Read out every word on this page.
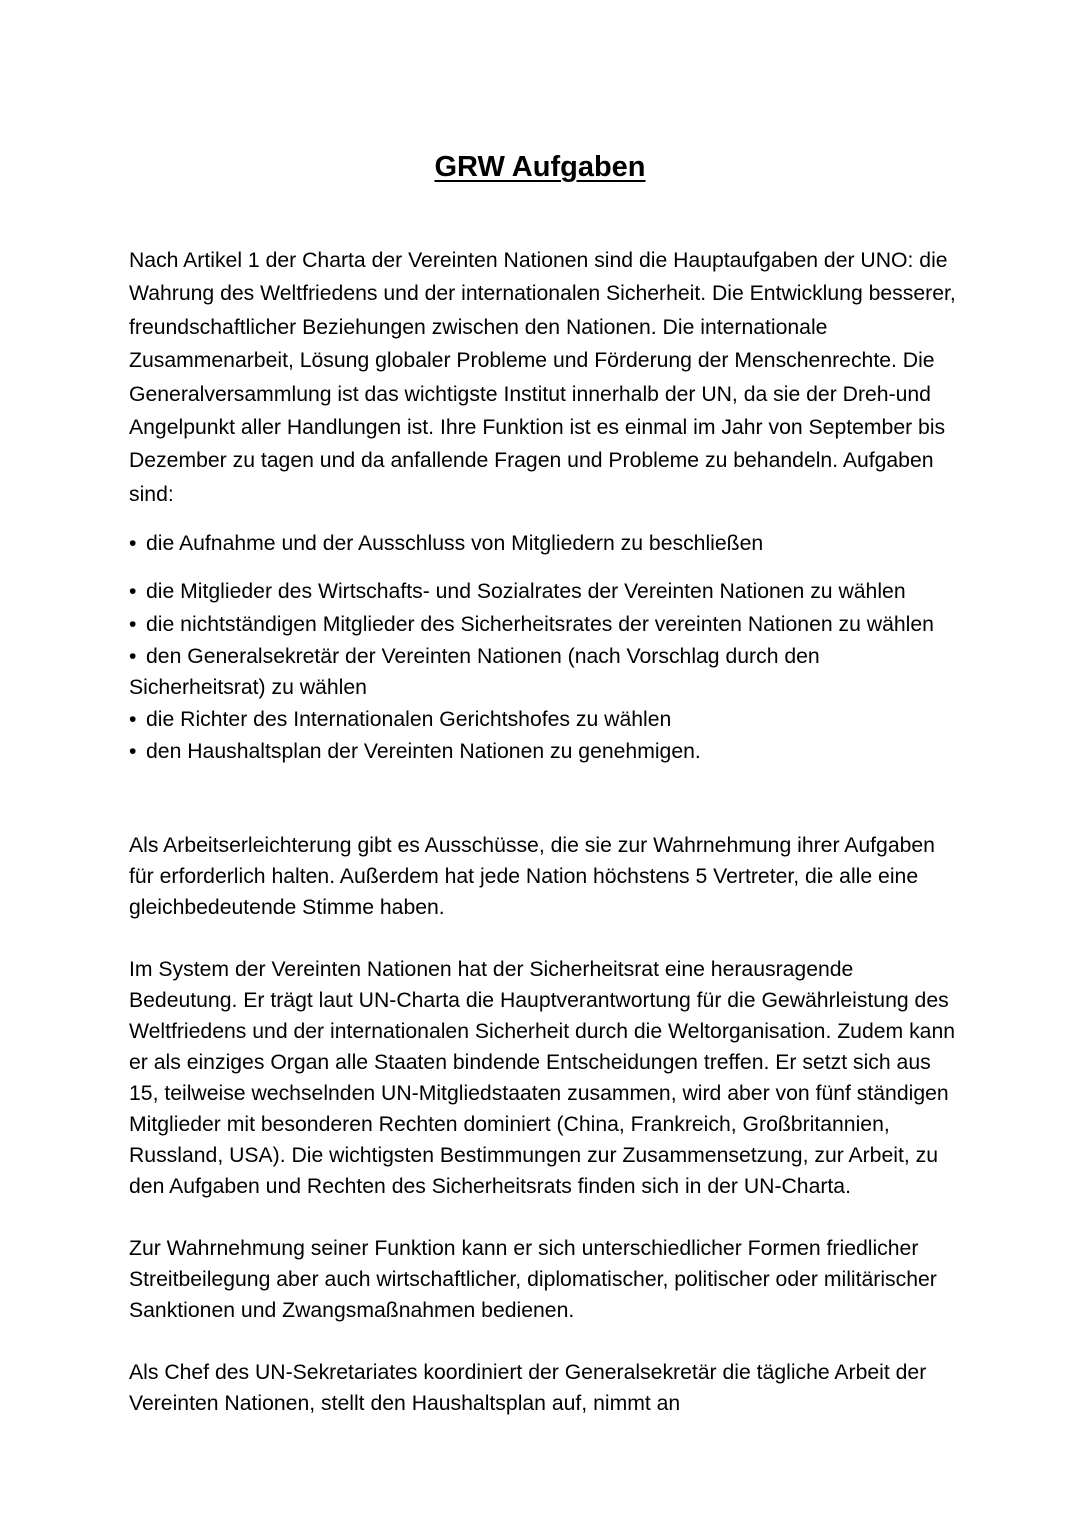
GRW Aufgaben

Nach Artikel 1 der Charta der Vereinten Nationen sind die Hauptaufgaben der UNO: die Wahrung des Weltfriedens und der internationalen Sicherheit. Die Entwicklung besserer, freundschaftlicher Beziehungen zwischen den Nationen. Die internationale Zusammenarbeit, Lösung globaler Probleme und Förderung der Menschenrechte. Die Generalversammlung ist das wichtigste Institut innerhalb der UN, da sie der Dreh-und Angelpunkt aller Handlungen ist. Ihre Funktion ist es einmal im Jahr von September bis Dezember zu tagen und da anfallende Fragen und Probleme zu behandeln. Aufgaben sind:

• die Aufnahme und der Ausschluss von Mitgliedern zu beschließen
• die Mitglieder des Wirtschafts- und Sozialrates der Vereinten Nationen zu wählen
• die nichtständigen Mitglieder des Sicherheitsrates der vereinten Nationen zu wählen
• den Generalsekretär der Vereinten Nationen (nach Vorschlag durch den Sicherheitsrat) zu wählen
• die Richter des Internationalen Gerichtshofes zu wählen
• den Haushaltsplan der Vereinten Nationen zu genehmigen.

Als Arbeitserleichterung gibt es Ausschüsse, die sie zur Wahrnehmung ihrer Aufgaben für erforderlich halten. Außerdem hat jede Nation höchstens 5 Vertreter, die alle eine gleichbedeutende Stimme haben.

Im System der Vereinten Nationen hat der Sicherheitsrat eine herausragende Bedeutung. Er trägt laut UN-Charta die Hauptverantwortung für die Gewährleistung des Weltfriedens und der internationalen Sicherheit durch die Weltorganisation. Zudem kann er als einziges Organ alle Staaten bindende Entscheidungen treffen. Er setzt sich aus 15, teilweise wechselnden UN-Mitgliedstaaten zusammen, wird aber von fünf ständigen Mitglieder mit besonderen Rechten dominiert (China, Frankreich, Großbritannien, Russland, USA). Die wichtigsten Bestimmungen zur Zusammensetzung, zur Arbeit, zu den Aufgaben und Rechten des Sicherheitsrats finden sich in der UN-Charta.

Zur Wahrnehmung seiner Funktion kann er sich unterschiedlicher Formen friedlicher Streitbeilegung aber auch wirtschaftlicher, diplomatischer, politischer oder militärischer Sanktionen und Zwangsmaßnahmen bedienen.

Als Chef des UN-Sekretariates koordiniert der Generalsekretär die tägliche Arbeit der Vereinten Nationen, stellt den Haushaltsplan auf, nimmt an
